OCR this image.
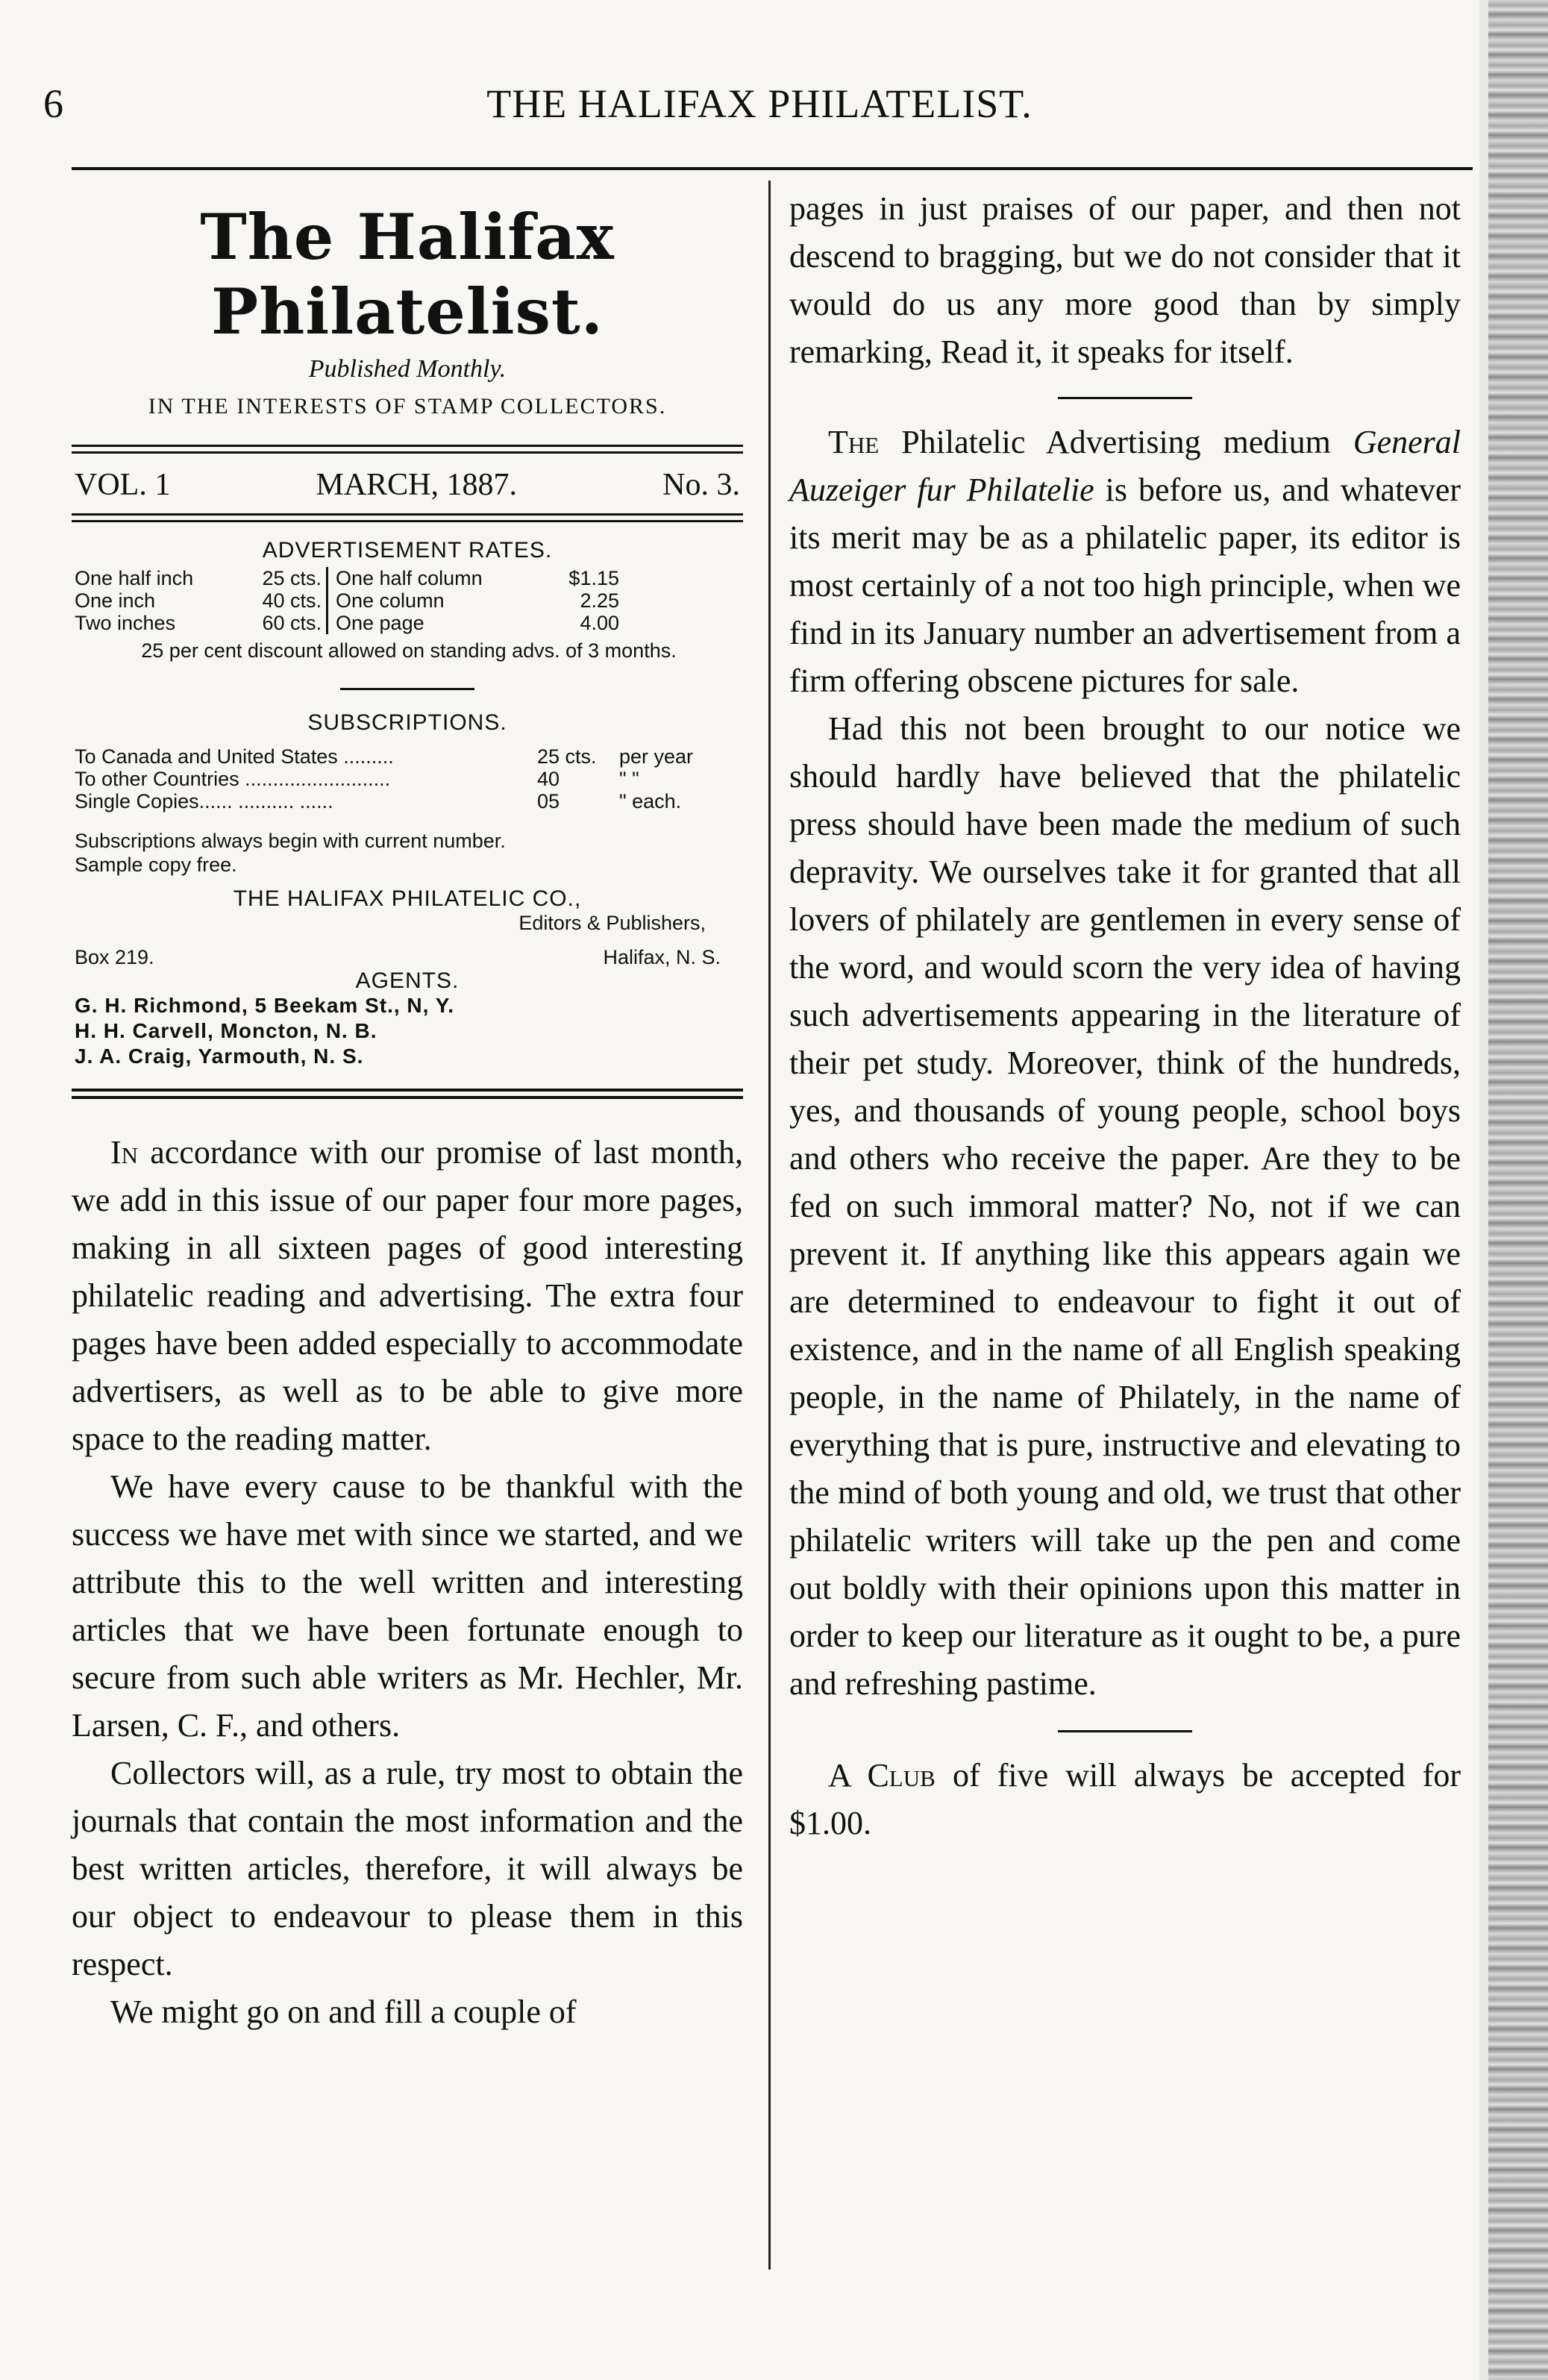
6	THE HALIFAX PHILATELIST.
The Halifax Philatelist.
Published Monthly.
IN THE INTERESTS OF STAMP COLLECTORS.
VOL. 1	MARCH, 1887.	No. 3.
ADVERTISEMENT RATES.
One half inch	25 cts. One half column	$1.15
One inch	40 cts. One column	2.25
Two inches	60 cts. One page	4.00
25 per cent discount allowed on standing advs. of 3 months.
SUBSCRIPTIONS.
To Canada and United States .........	25 cts.	per year
To other Countries ..........................	40	" "
Single Copies...... .......... ......	05	" each.
Subscriptions always begin with current number.
Sample copy free.
THE HALIFAX PHILATELIC CO.,
Editors & Publishers,
Box 219.	Halifax, N. S.
AGENTS.
G. H. Richmond, 5 Beekam St., N, Y.
H. H. Carvell, Moncton, N. B.
J. A. Craig, Yarmouth, N. S.

In accordance with our promise of last month, we add in this issue of our paper four more pages, making in all sixteen pages of good interesting philatelic reading and advertising. The extra four pages have been added especially to accommodate advertisers, as well as to be able to give more space to the reading matter.

We have every cause to be thankful with the success we have met with since we started, and we attribute this to the well written and interesting articles that we have been fortunate enough to secure from such able writers as Mr. Hechler, Mr. Larsen, C. F., and others.

Collectors will, as a rule, try most to obtain the journals that contain the most information and the best written articles, therefore, it will always be our object to endeavour to please them in this respect.

We might go on and fill a couple of

pages in just praises of our paper, and then not descend to bragging, but we do not consider that it would do us any more good than by simply remarking, Read it, it speaks for itself.

The Philatelic Advertising medium General Auzeiger fur Philatelie is before us, and whatever its merit may be as a philatelic paper, its editor is most certainly of a not too high principle, when we find in its January number an advertisement from a firm offering obscene pictures for sale.

Had this not been brought to our notice we should hardly have believed that the philatelic press should have been made the medium of such depravity. We ourselves take it for granted that all lovers of philately are gentlemen in every sense of the word, and would scorn the very idea of having such advertisements appearing in the literature of their pet study. Moreover, think of the hundreds, yes, and thousands of young people, school boys and others who receive the paper. Are they to be fed on such immoral matter? No, not if we can prevent it. If anything like this appears again we are determined to endeavour to fight it out of existence, and in the name of all English speaking people, in the name of Philately, in the name of everything that is pure, instructive and elevating to the mind of both young and old, we trust that other philatelic writers will take up the pen and come out boldly with their opinions upon this matter in order to keep our literature as it ought to be, a pure and refreshing pastime.

A Club of five will always be accepted for $1.00.
